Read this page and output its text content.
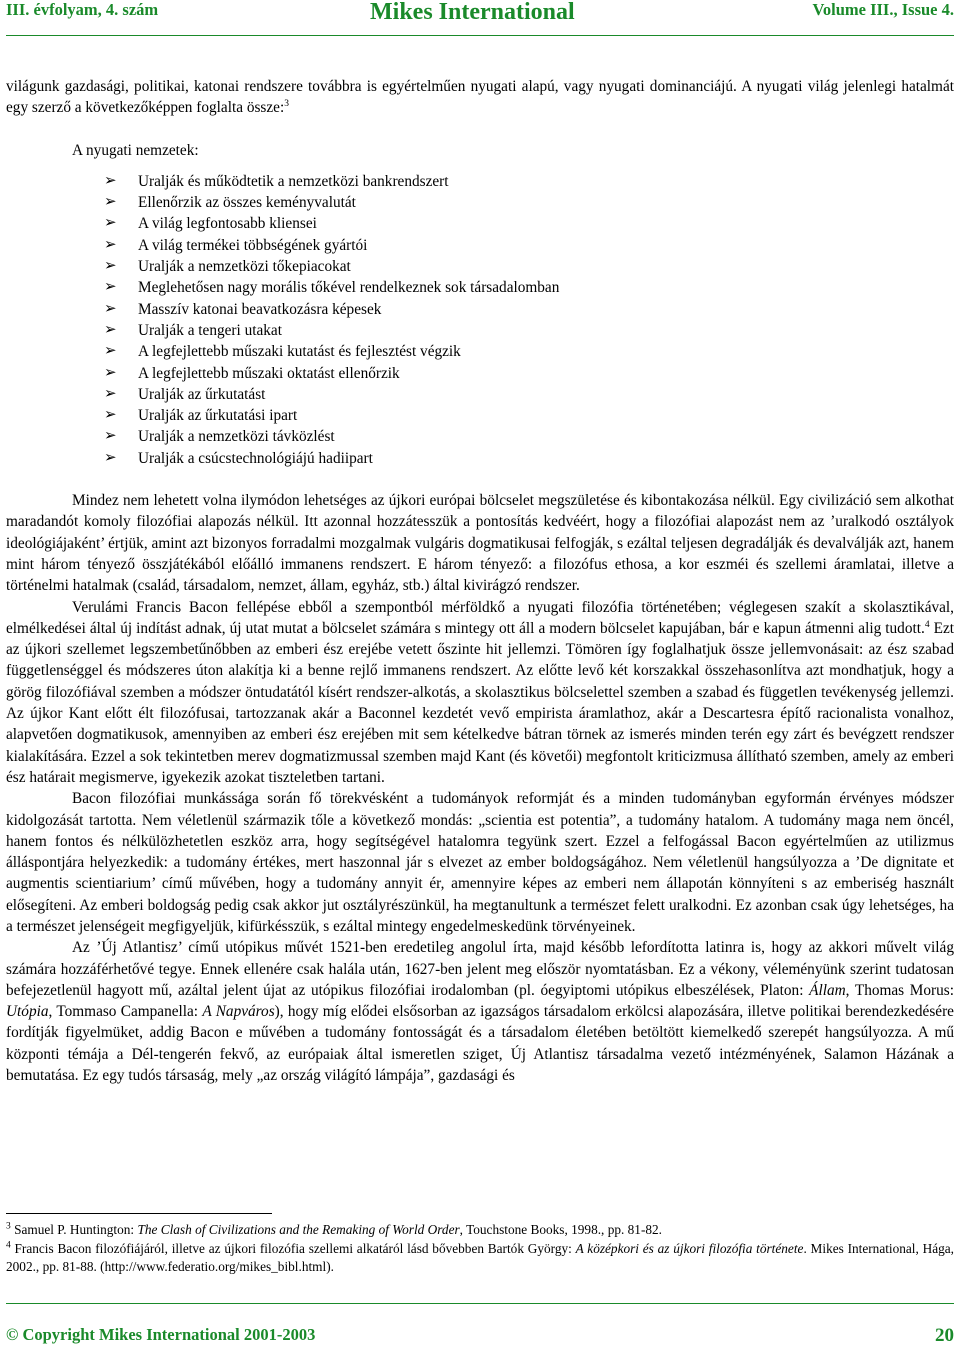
III. évfolyam, 4. szám	Mikes International	Volume III., Issue 4.

világunk gazdasági, politikai, katonai rendszere továbbra is egyértelműen nyugati alapú, vagy nyugati dominanciájú. A nyugati világ jelenlegi hatalmát egy szerző a következőképpen foglalta össze:$^3$

A nyugati nemzetek:

➢ Uralják és működtetik a nemzetközi bankrendszert
➢ Ellenőrzik az összes keményvalutát
➢ A világ legfontosabb kliensei
➢ A világ termékei többségének gyártói
➢ Uralják a nemzetközi tőkepiacokat
➢ Meglehetősen nagy morális tőkével rendelkeznek sok társadalomban
➢ Masszív katonai beavatkozásra képesek
➢ Uralják a tengeri utakat
➢ A legfejlettebb műszaki kutatást és fejlesztést végzik
➢ A legfejlettebb műszaki oktatást ellenőrzik
➢ Uralják az űrkutatást
➢ Uralják az űrkutatási ipart
➢ Uralják a nemzetközi távközlést
➢ Uralják a csúcstechnológiájú hadiipart

Mindez nem lehetett volna ilymódon lehetséges az újkori európai bölcselet megszületése és kibontakozása nélkül. Egy civilizáció sem alkothat maradandót komoly filozófiai alapozás nélkül. Itt azonnal hozzátesszük a pontosítás kedvéért, hogy a filozófiai alapozást nem az ’uralkodó osztályok ideológiájaként’ értjük, amint azt bizonyos forradalmi mozgalmak vulgáris dogmatikusai felfogják, s ezáltal teljesen degradálják és devalválják azt, hanem mint három tényező összjátékából előálló immanens rendszert. E három tényező: a filozófus ethosa, a kor eszméi és szellemi áramlatai, illetve a történelmi hatalmak (család, társadalom, nemzet, állam, egyház, stb.) által kivirágzó rendszer.

Verulámi Francis Bacon fellépése ebből a szempontból mérföldkő a nyugati filozófia történetében; véglegesen szakít a skolasztikával, elmélkedései által új indítást adnak, új utat mutat a bölcselet számára s mintegy ott áll a modern bölcselet kapujában, bár e kapun átmenni alig tudott.$^4$ Ezt az újkori szellemet legszembetűnőbben az emberi ész erejébe vetett őszinte hit jellemzi. Tömören így foglalhatjuk össze jellemvonásait: az ész szabad függetlenséggel és módszeres úton alakítja ki a benne rejlő immanens rendszert. Az előtte levő két korszakkal összehasonlítva azt mondhatjuk, hogy a görög filozófiával szemben a módszer öntudatától kísért rendszer-alkotás, a skolasztikus bölcselettel szemben a szabad és független tevékenység jellemzi. Az újkor Kant előtt élt filozófusai, tartozzanak akár a Baconnel kezdetét vevő empirista áramlathoz, akár a Descartesra építő racionalista vonalhoz, alapvetően dogmatikusok, amennyiben az emberi ész erejében mit sem kételkedve bátran törnek az ismerés minden terén egy zárt és bevégzett rendszer kialakítására. Ezzel a sok tekintetben merev dogmatizmussal szemben majd Kant (és követői) megfontolt kriticizmusa állítható szemben, amely az emberi ész határait megismerve, igyekezik azokat tiszteletben tartani.

Bacon filozófiai munkássága során fő törekvésként a tudományok reformját és a minden tudományban egyformán érvényes módszer kidolgozását tartotta. Nem véletlenül származik tőle a következő mondás: „scientia est potentia”, a tudomány hatalom. A tudomány maga nem öncél, hanem fontos és nélkülözhetetlen eszköz arra, hogy segítségével hatalomra tegyünk szert. Ezzel a felfogással Bacon egyértelműen az utilizmus álláspontjára helyezkedik: a tudomány értékes, mert haszonnal jár s elvezet az ember boldogságához. Nem véletlenül hangsúlyozza a ’De dignitate et augmentis scientiarium’ című művében, hogy a tudomány annyit ér, amennyire képes az emberi nem állapotán könnyíteni s az emberiség használt elősegíteni. Az emberi boldogság pedig csak akkor jut osztályrészünkül, ha megtanultunk a természet felett uralkodni. Ez azonban csak úgy lehetséges, ha a természet jelenségeit megfigyeljük, kifürkésszük, s ezáltal mintegy engedelmeskedünk törvényeinek.

Az ’Új Atlantisz’ című utópikus művét 1521-ben eredetileg angolul írta, majd később lefordította latinra is, hogy az akkori művelt világ számára hozzáférhetővé tegye. Ennek ellenére csak halála után, 1627-ben jelent meg először nyomtatásban. Ez a vékony, véleményünk szerint tudatosan befejezetlenül hagyott mű, azáltal jelent újat az utópikus filozófiai irodalomban (pl. óegyiptomi utópikus elbeszélések, Platon: Állam, Thomas Morus: Utópia, Tommaso Campanella: A Napváros), hogy míg elődei elsősorban az igazságos társadalom erkölcsi alapozására, illetve politikai berendezkedésére fordítják figyelmüket, addig Bacon e művében a tudomány fontosságát és a társadalom életében betöltött kiemelkedő szerepét hangsúlyozza. A mű központi témája a Dél-tengerén fekvő, az európaiak által ismeretlen sziget, Új Atlantisz társadalma vezető intézményének, Salamon Házának a bemutatása. Ez egy tudós társaság, mely „az ország világító lámpája”, gazdasági és

$^3$ Samuel P. Huntington: The Clash of Civilizations and the Remaking of World Order, Touchstone Books, 1998., pp. 81-82.

$^4$ Francis Bacon filozófiájáról, illetve az újkori filozófia szellemi alkatáról lásd bővebben Bartók György: A középkori és az újkori filozófia története. Mikes International, Hága, 2002., pp. 81-88. (http://www.federatio.org/mikes_bibl.html).

© Copyright Mikes International 2001-2003	20
